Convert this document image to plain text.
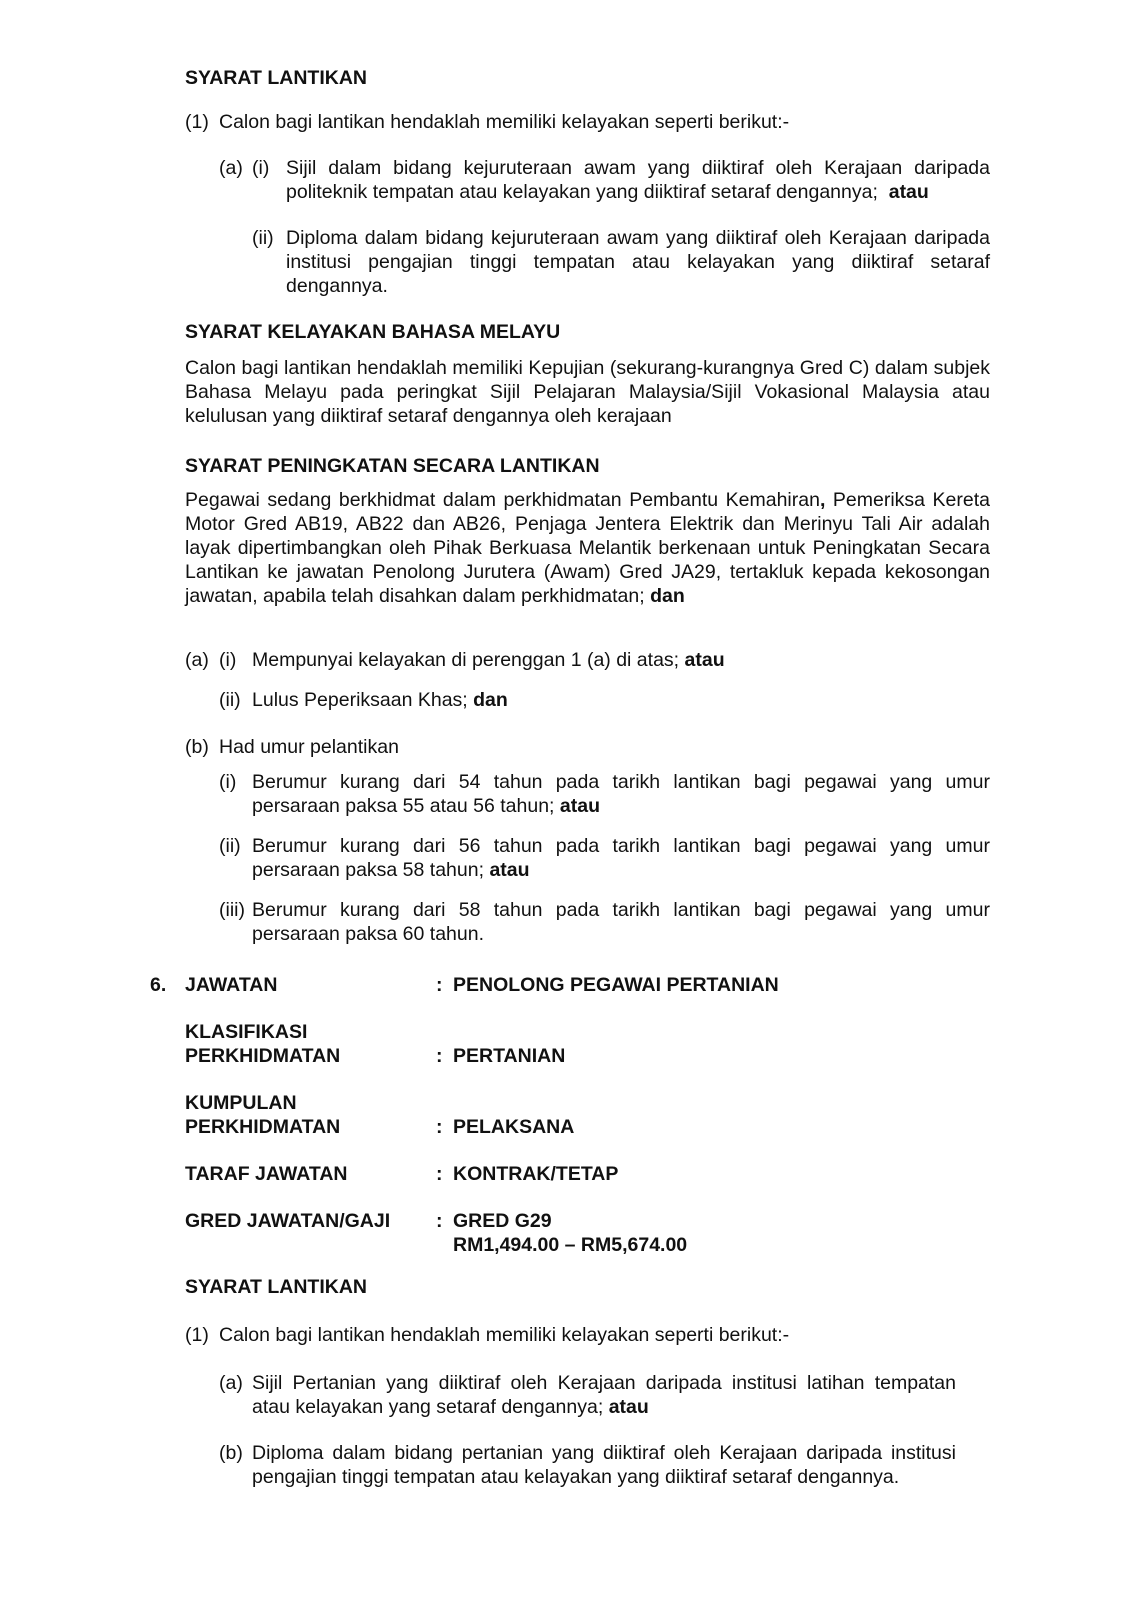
SYARAT LANTIKAN
(1) Calon bagi lantikan hendaklah memiliki kelayakan seperti berikut:-
(a) (i) Sijil dalam bidang kejuruteraan awam yang diiktiraf oleh Kerajaan daripada politeknik tempatan atau kelayakan yang diiktiraf setaraf dengannya; atau
(ii) Diploma dalam bidang kejuruteraan awam yang diiktiraf oleh Kerajaan daripada institusi pengajian tinggi tempatan atau kelayakan yang diiktiraf setaraf dengannya.
SYARAT KELAYAKAN BAHASA MELAYU
Calon bagi lantikan hendaklah memiliki Kepujian (sekurang-kurangnya Gred C) dalam subjek Bahasa Melayu pada peringkat Sijil Pelajaran Malaysia/Sijil Vokasional Malaysia atau kelulusan yang diiktiraf setaraf dengannya oleh kerajaan
SYARAT PENINGKATAN SECARA LANTIKAN
Pegawai sedang berkhidmat dalam perkhidmatan Pembantu Kemahiran, Pemeriksa Kereta Motor Gred AB19, AB22 dan AB26, Penjaga Jentera Elektrik dan Merinyu Tali Air adalah layak dipertimbangkan oleh Pihak Berkuasa Melantik berkenaan untuk Peningkatan Secara Lantikan ke jawatan Penolong Jurutera (Awam) Gred JA29, tertakluk kepada kekosongan jawatan, apabila telah disahkan dalam perkhidmatan; dan
(a) (i) Mempunyai kelayakan di perenggan 1 (a) di atas; atau
(ii) Lulus Peperiksaan Khas; dan
(b) Had umur pelantikan
(i) Berumur kurang dari 54 tahun pada tarikh lantikan bagi pegawai yang umur persaraan paksa 55 atau 56 tahun; atau
(ii) Berumur kurang dari 56 tahun pada tarikh lantikan bagi pegawai yang umur persaraan paksa 58 tahun; atau
(iii) Berumur kurang dari 58 tahun pada tarikh lantikan bagi pegawai yang umur persaraan paksa 60 tahun.
6. JAWATAN	: PENOLONG PEGAWAI PERTANIAN
KLASIFIKASI
PERKHIDMATAN	: PERTANIAN
KUMPULAN
PERKHIDMATAN	: PELAKSANA
TARAF JAWATAN	: KONTRAK/TETAP
GRED JAWATAN/GAJI : GRED G29
RM1,494.00 – RM5,674.00
SYARAT LANTIKAN
(1) Calon bagi lantikan hendaklah memiliki kelayakan seperti berikut:-
(a) Sijil Pertanian yang diiktiraf oleh Kerajaan daripada institusi latihan tempatan atau kelayakan yang setaraf dengannya; atau
(b) Diploma dalam bidang pertanian yang diiktiraf oleh Kerajaan daripada institusi pengajian tinggi tempatan atau kelayakan yang diiktiraf setaraf dengannya.
